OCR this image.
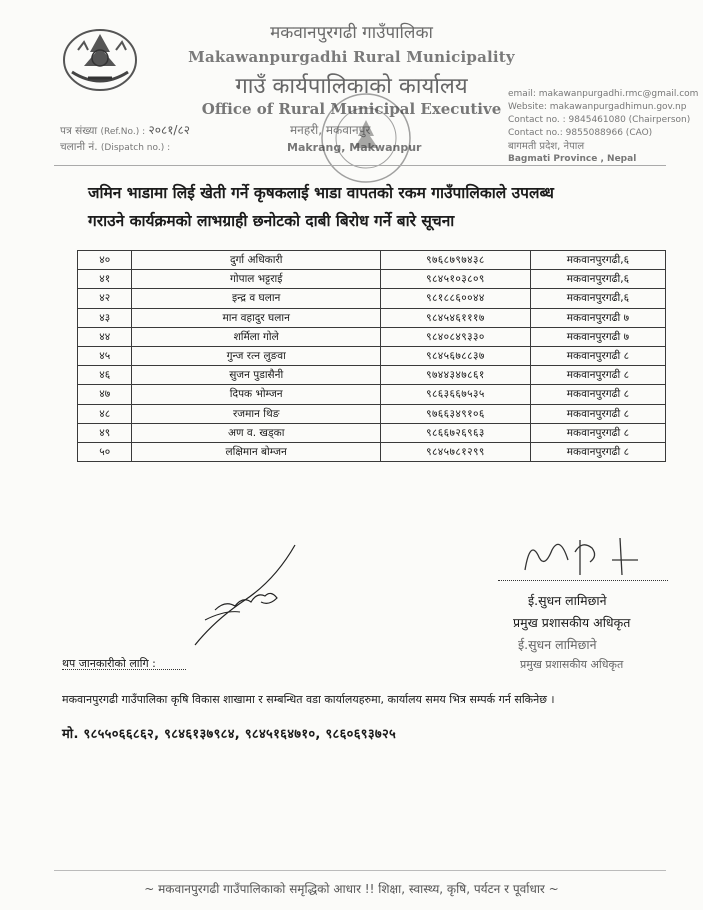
मकवानपुरगढी गाउँपालिका
Makawanpurgadhi Rural Municipality
गाउँ कार्यपालिकाको कार्यालय
Office of Rural Municipal Executive
मनहरी, मकवानपुर
Makrang, Makwanpur
पत्र संख्या (Ref.No.) : २०८१/८२
चलानी नं. (Dispatch no.) :
email: makawanpurgadhi.rmc@gmail.com
Website: makawanpurgadhimun.gov.np
Contact no. : 9845461080 (Chairperson)
Contact no.: 9855088966 (CAO)
बागमती प्रदेश, नेपाल
Bagmati Province , Nepal
जमिन भाडामा लिई खेती गर्ने कृषकलाई भाडा वापतको रकम गाउँपालिकाले उपलब्ध
गराउने कार्यक्रमको लाभग्राही छनोटको दाबी बिरोध गर्ने बारे सूचना
४०	दुर्गा अधिकारी	९७६८७९७४३८	मकवानपुरगढी,६
४१	गोपाल भट्टराई	९८४५१०३८०९	मकवानपुरगढी,६
४२	इन्द्र व घलान	९८१८८६००४४	मकवानपुरगढी,६
४३	मान वहादुर घलान	९८४५४६१११७	मकवानपुरगढी ७
४४	शर्मिला गोले	९८४०८४९३३०	मकवानपुरगढी ७
४५	गुन्ज रत्न लुङवा	९८४५६७८८३७	मकवानपुरगढी ८
४६	सुजन पुडासैनी	९७४४३४७८६१	मकवानपुरगढी ८
४७	दिपक भोम्जन	९८६३६६७५३५	मकवानपुरगढी ८
४८	रजमान थिङ	९७६६३४९१०६	मकवानपुरगढी ८
४९	अण व. खड्का	९८६६७२६९६३	मकवानपुरगढी ८
५०	लक्षिमान बोम्जन	९८४५७८१२९९	मकवानपुरगढी ८
ई.सुधन लामिछाने
प्रमुख प्रशासकीय अधिकृत
ई.सुधन लामिछाने
प्रमुख प्रशासकीय अधिकृत
थप जानकारीको लागि :
मकवानपुरगढी गाउँपालिका कृषि विकास शाखामा र सम्बन्धित वडा कार्यालयहरुमा, कार्यालय समय भित्र सम्पर्क गर्न सकिनेछ ।
मो. ९८५५०६६८६२, ९८४६१३७९८४, ९८४५१६४७१०, ९८६०६९३७२५
~ मकवानपुरगढी गाउँपालिकाको समृद्धिको आधार !! शिक्षा, स्वास्थ्य, कृषि, पर्यटन र पूर्वाधार ~
